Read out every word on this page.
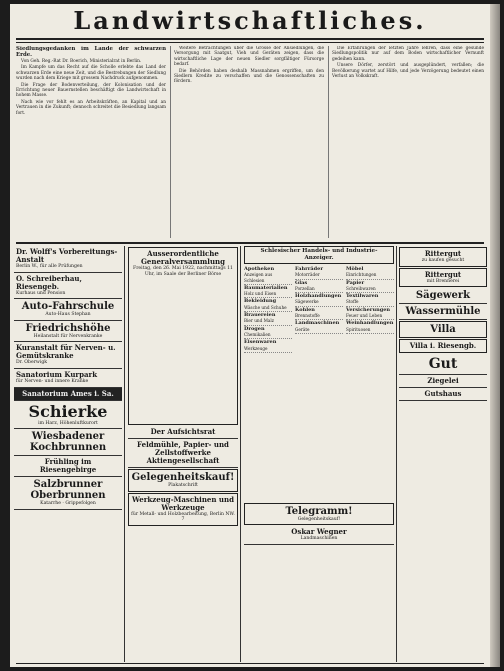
Landwirtschaftliches.
Siedlungsgedanken im Lande der schwarzen Erde.

Von Geh. Reg.-Rat Dr. Boerich, Ministerialrat in Berlin.

Im Kampfe um das Recht auf die Scholle erlebte das Land der schwarzen Erde eine neue Zeit, und die Bestrebungen der Siedlung wurden nach dem Kriege mit grossem Nachdruck aufgenommen.

Die Frage der Bodenverteilung, der Kolonisation und der Errichtung neuer Bauernstellen beschäftigt die Landwirtschaft in hohem Masse.

Nach wie vor fehlt es an Arbeitskräften, an Kapital und an Vertrauen in die Zukunft; dennoch schreitet die Besiedlung langsam fort.

Weitere Betrachtungen über die Grösse der Ansiedlungen, die Versorgung mit Saatgut, Vieh und Geräten zeigen, dass die wirtschaftliche Lage der neuen Siedler sorgfältiger Fürsorge bedarf.

Die Behörden haben deshalb Massnahmen ergriffen, um den Siedlern Kredite zu verschaffen und die Genossenschaften zu fördern.

Die Erfahrungen der letzten Jahre lehren, dass eine gesunde Siedlungspolitik nur auf dem Boden wirtschaftlicher Vernunft gedeihen kann.

Unsere Dörfer, zerstört und ausgeplündert, verfallen; die Bevölkerung wartet auf Hilfe, und jede Verzögerung bedeutet einen Verlust an Volkskraft.

Dr. Wolff's Vorbereitungs-Anstalt
Berlin W., für alle Prüfungen
O. Schreiberhau, Riesengeb.
Kurhaus und Pension
Auto-Fahrschule
Auto-Haus Stephan
Friedrichshöhe
Heilanstalt für Nervenkranke
Kuranstalt für Nerven- u. Gemütskranke
Dr. Oberwigk
Sanatorium Kurpark
für Nerven- und innere Kranke
Sanatorium Ames i. Sa.
Schierke
im Harz, Höhenluftkurort
Wiesbadener Kochbrunnen
Frühling im Riesengebirge
Salzbrunner Oberbrunnen
Katarrhe · Grippefolgen
Ausserordentliche Generalversammlung
Freitag, den 26. Mai 1922, nachmittags 11 Uhr, im Saale der Berliner Börse
Der Aufsichtsrat
Feldmühle, Papier- und Zellstoffwerke Aktiengesellschaft
Gelegenheitskauf!
Plakatschrift
Werkzeug-Maschinen und Werkzeuge
für Metall- und Holzbearbeitung, Berlin NW. 7
Schlesischer Handels- und Industrie-Anzeiger.
Apotheken
Anzeigen aus Schlesien
Baumaterialien
Holz und Eisen
Bekleidung
Wäsche und Schuhe
Brauereien
Bier und Malz
Drogen
Chemikalien
Eisenwaren
Werkzeuge
Fahrräder
Motorräder
Glas
Porzellan
Holzhandlungen
Sägewerke
Kohlen
Brennstoffe
Landmaschinen
Geräte
Möbel
Einrichtungen
Papier
Schreibwaren
Textilwaren
Stoffe
Versicherungen
Feuer und Leben
Weinhandlungen
Spirituosen
Telegramm!
Gelegenheitskauf!
Oskar Wegner
Landmaschinen
Rittergut
zu kaufen gesucht
Rittergut
mit Brennerei
Sägewerk
Wassermühle
Villa
Villa i. Riesengb.
Gut
Ziegelei
Gutshaus
